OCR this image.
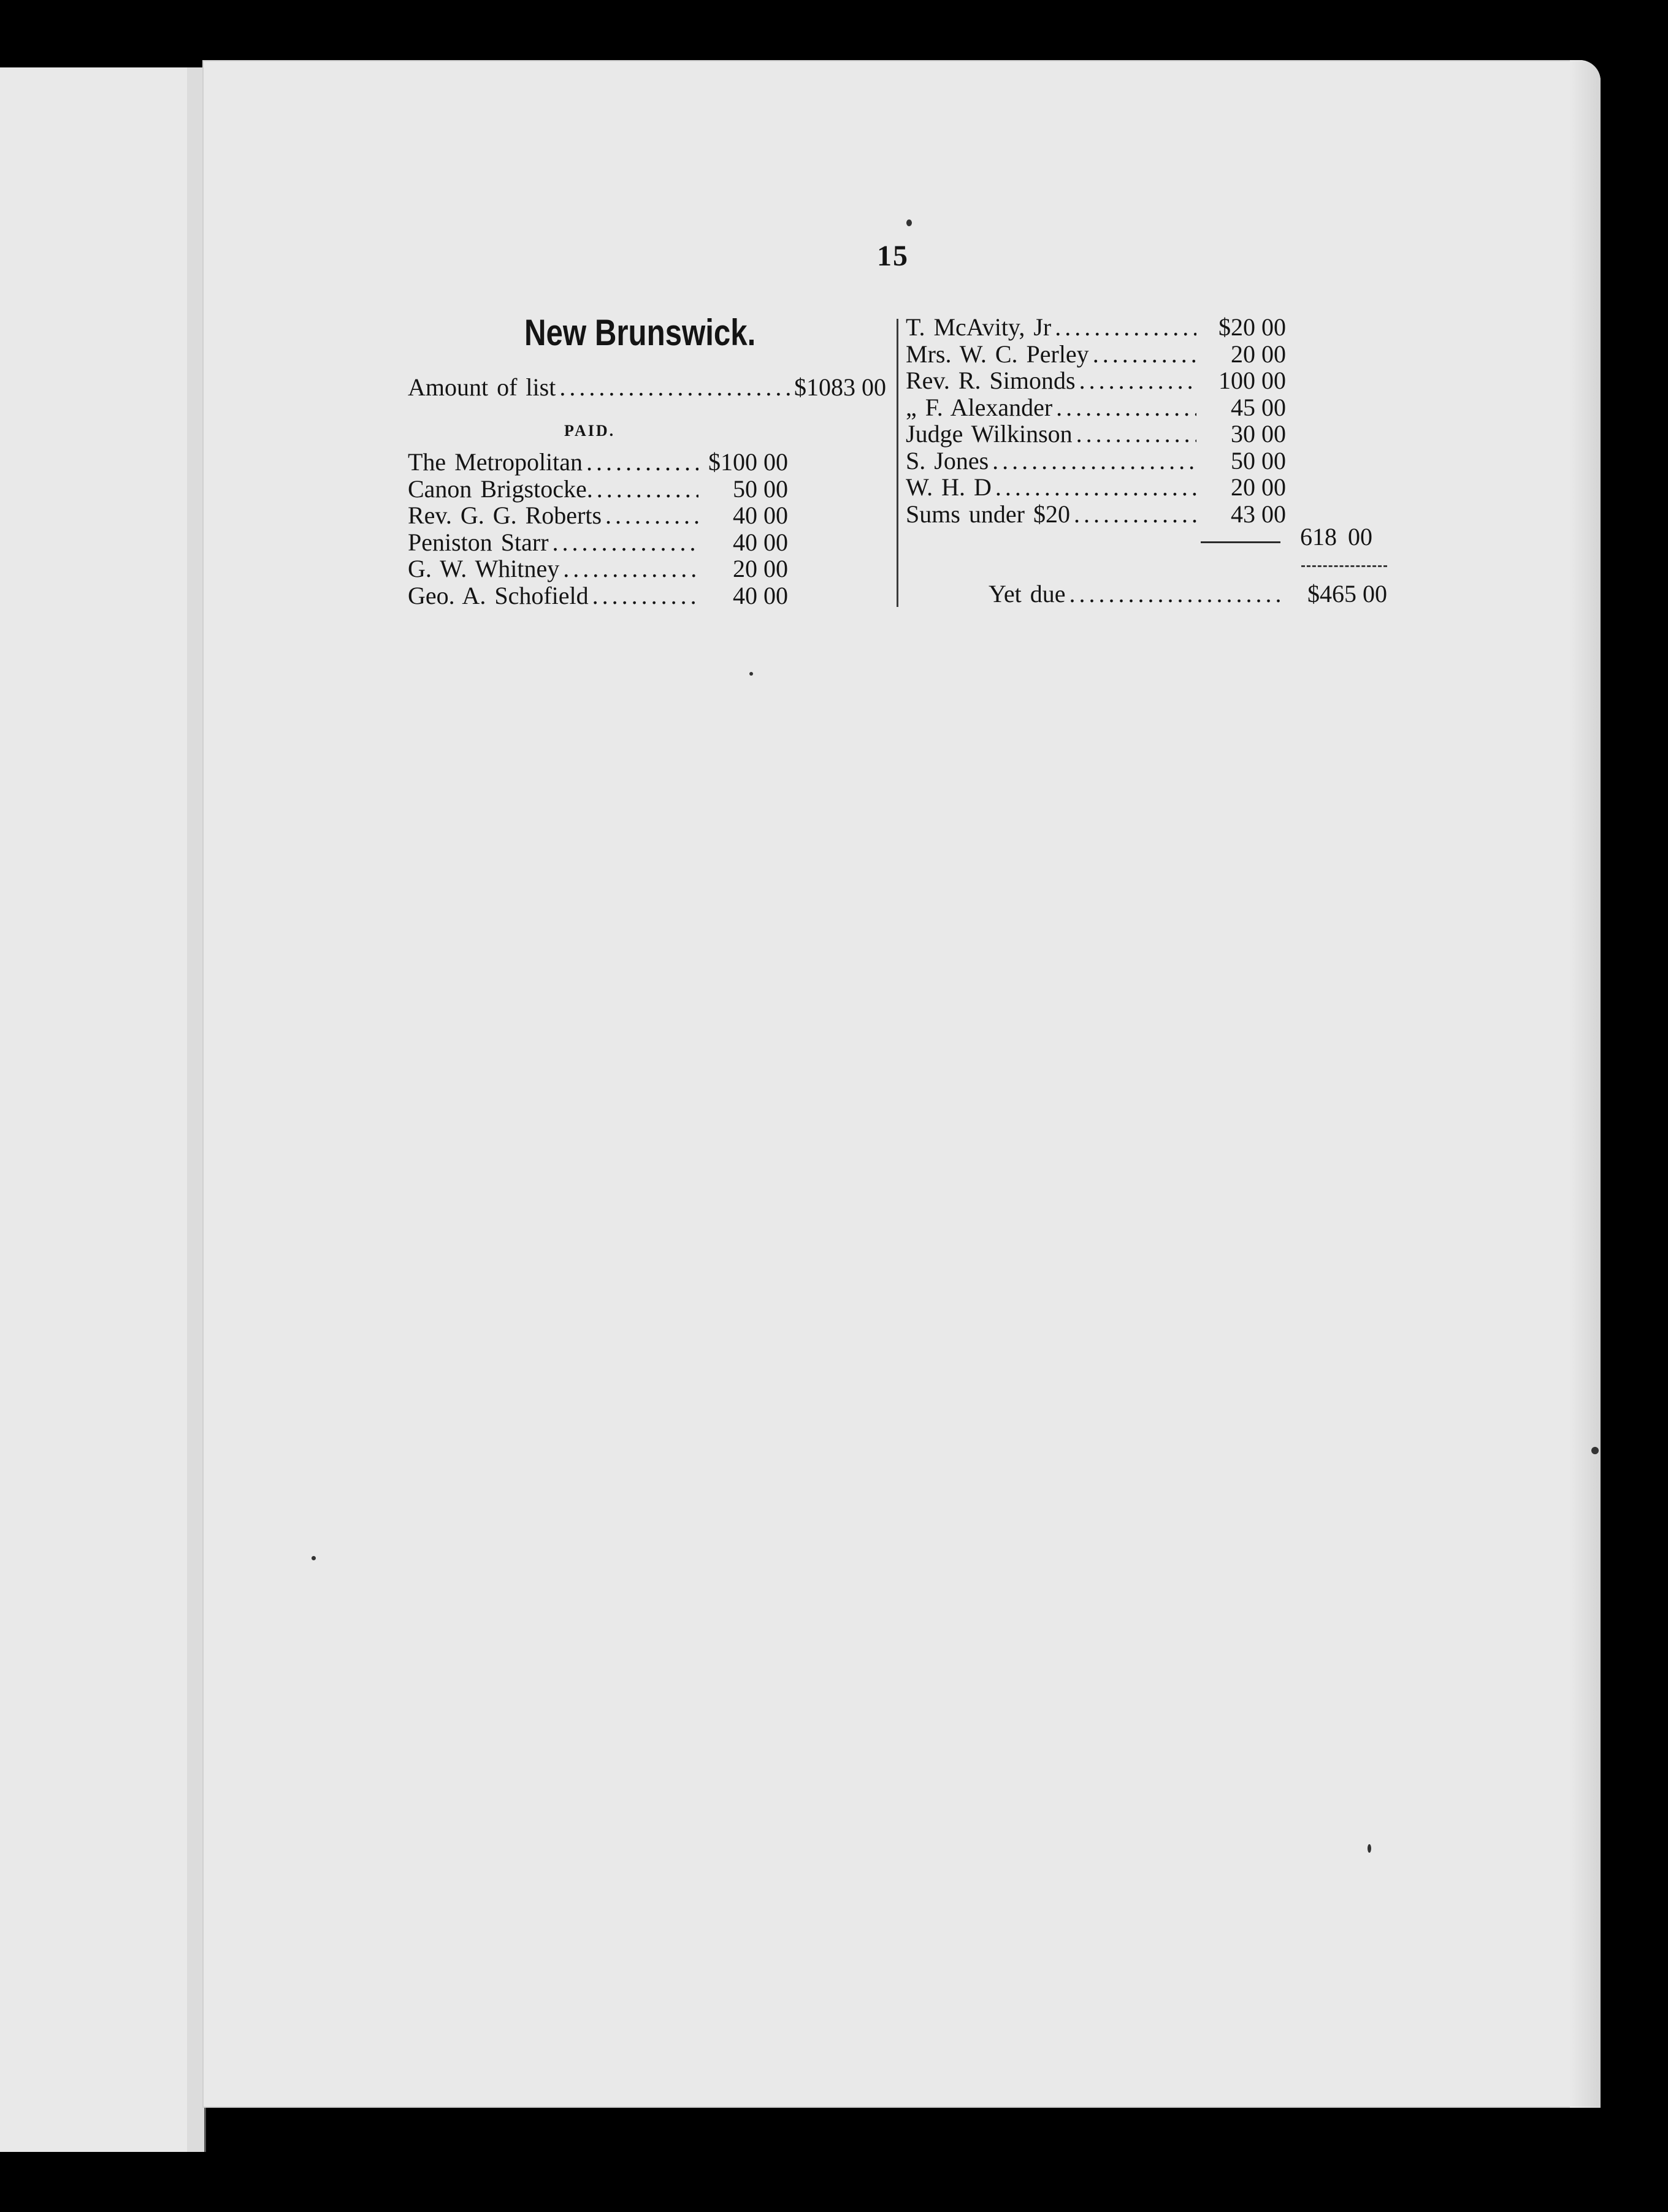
15
New Brunswick.
Amount of list .....	$1083 00
PAID.
The Metropolitan .....	$100 00
Canon Brigstocke. .....	50 00
Rev. G. G. Roberts .....	40 00
Peniston Starr .....	40 00
G. W. Whitney .....	20 00
Geo. A. Schofield .....	40 00
T. McAvity, Jr .....	$20 00
Mrs. W. C. Perley .....	20 00
Rev. R. Simonds .....	100 00
„ F. Alexander .....	45 00
Judge Wilkinson .....	30 00
S. Jones .....	50 00
W. H. D .....	20 00
Sums under $20 .....	43 00
618 00
Yet due .....	$465 00
